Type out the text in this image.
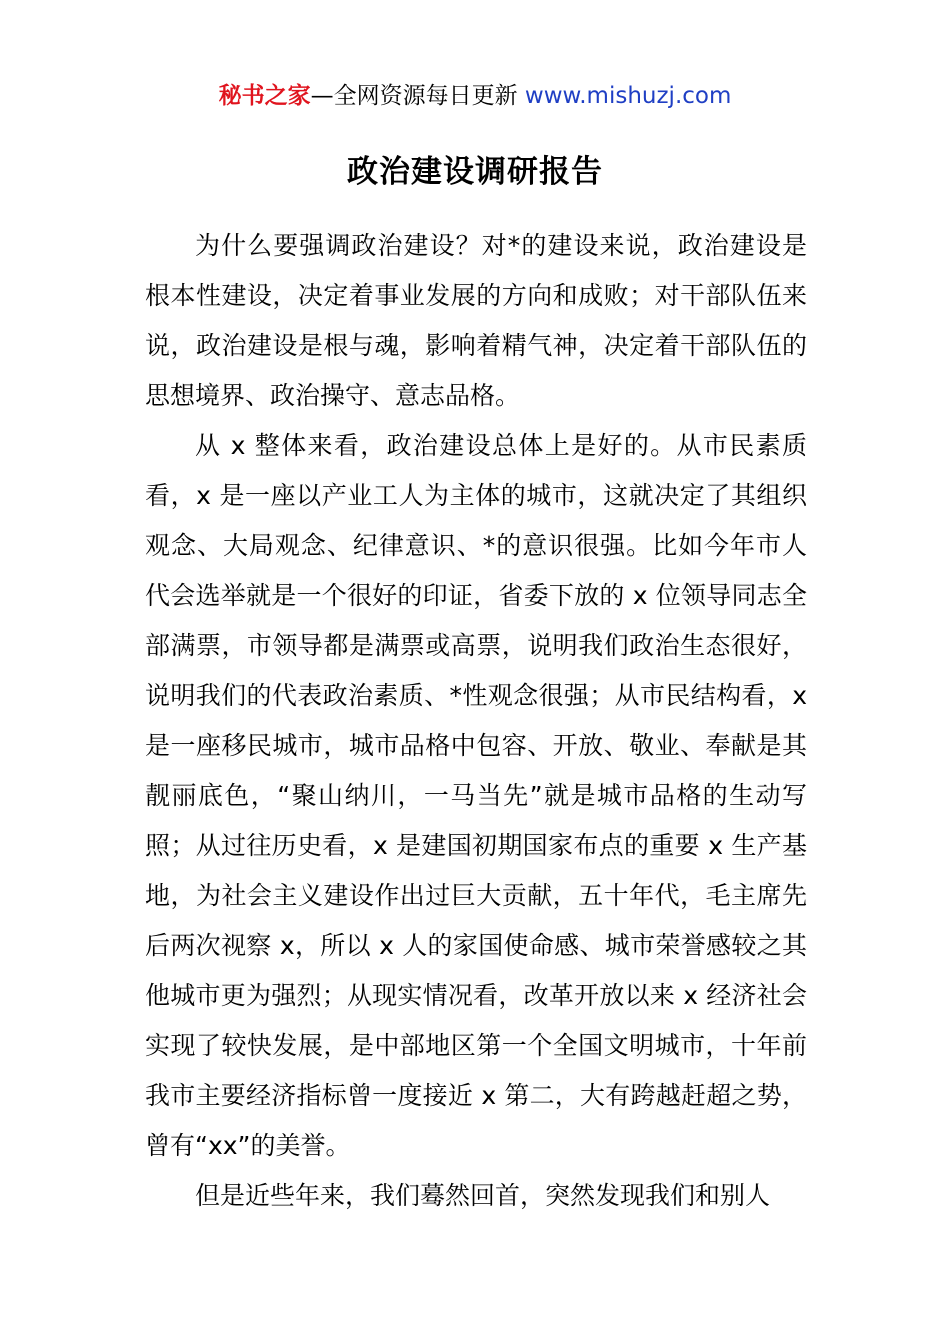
秘书之家—全网资源每日更新 www.mishuzj.com
政治建设调研报告

为什么要强调政治建设？对*的建设来说，政治建设是根本性建设，决定着事业发展的方向和成败；对干部队伍来说，政治建设是根与魂，影响着精气神，决定着干部队伍的思想境界、政治操守、意志品格。

从 x 整体来看，政治建设总体上是好的。从市民素质看，x 是一座以产业工人为主体的城市，这就决定了其组织观念、大局观念、纪律意识、*的意识很强。比如今年市人代会选举就是一个很好的印证，省委下放的 x 位领导同志全部满票，市领导都是满票或高票，说明我们政治生态很好，说明我们的代表政治素质、*性观念很强；从市民结构看，x 是一座移民城市，城市品格中包容、开放、敬业、奉献是其靓丽底色，“聚山纳川，一马当先”就是城市品格的生动写照；从过往历史看，x 是建国初期国家布点的重要 x 生产基地，为社会主义建设作出过巨大贡献，五十年代，毛主席先后两次视察 x，所以 x 人的家国使命感、城市荣誉感较之其他城市更为强烈；从现实情况看，改革开放以来 x 经济社会实现了较快发展，是中部地区第一个全国文明城市，十年前我市主要经济指标曾一度接近 x 第二，大有跨越赶超之势，曾有“xx”的美誉。

但是近些年来，我们蓦然回首，突然发现我们和别人
